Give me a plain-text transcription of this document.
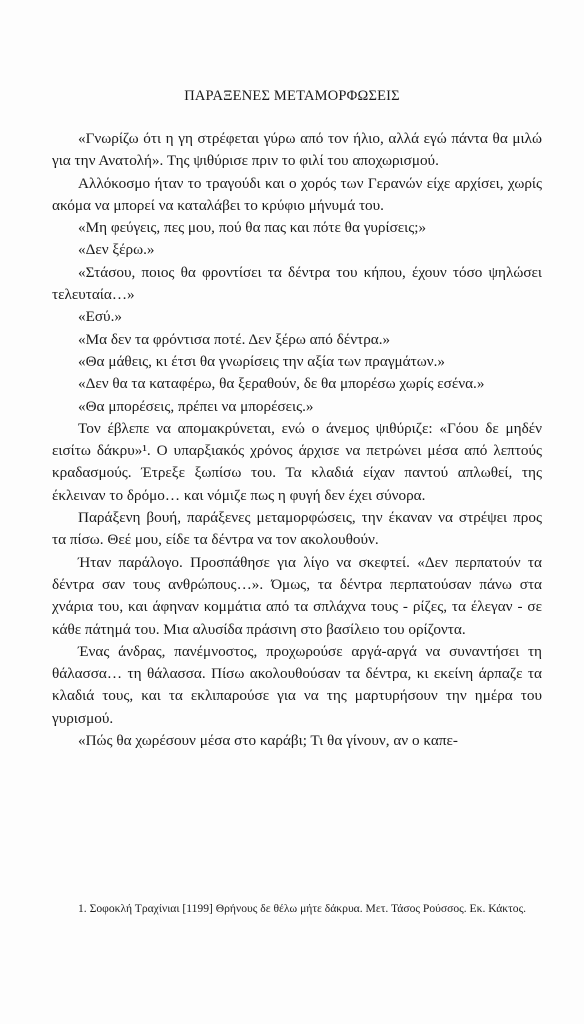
ΠΑΡΑΞΕΝΕΣ ΜΕΤΑΜΟΡΦΩΣΕΙΣ

«Γνωρίζω ότι η γη στρέφεται γύρω από τον ήλιο, αλλά εγώ πάντα θα μιλώ για την Ανατολή». Της ψιθύρισε πριν το φιλί του αποχωρισμού.

Αλλόκοσμο ήταν το τραγούδι και ο χορός των Γερανών είχε αρχίσει, χωρίς ακόμα να μπορεί να καταλάβει το κρύφιο μήνυμά του.

«Μη φεύγεις, πες μου, πού θα πας και πότε θα γυρίσεις;»

«Δεν ξέρω.»

«Στάσου, ποιος θα φροντίσει τα δέντρα του κήπου, έχουν τόσο ψηλώσει τελευταία…»

«Εσύ.»

«Μα δεν τα φρόντισα ποτέ. Δεν ξέρω από δέντρα.»

«Θα μάθεις, κι έτσι θα γνωρίσεις την αξία των πραγμάτων.»

«Δεν θα τα καταφέρω, θα ξεραθούν, δε θα μπορέσω χωρίς εσένα.»

«Θα μπορέσεις, πρέπει να μπορέσεις.»

Τον έβλεπε να απομακρύνεται, ενώ ο άνεμος ψιθύριζε: «Γόου δε μηδέν εισίτω δάκρυ»¹. Ο υπαρξιακός χρόνος άρχισε να πετρώνει μέσα από λεπτούς κραδασμούς. Έτρεξε ξωπίσω του. Τα κλαδιά είχαν παντού απλωθεί, της έκλειναν το δρόμο… και νόμιζε πως η φυγή δεν έχει σύνορα.

Παράξενη βουή, παράξενες μεταμορφώσεις, την έκαναν να στρέψει προς τα πίσω. Θεέ μου, είδε τα δέντρα να τον ακολουθούν.

Ήταν παράλογο. Προσπάθησε για λίγο να σκεφτεί. «Δεν περπατούν τα δέντρα σαν τους ανθρώπους…». Όμως, τα δέντρα περπατούσαν πάνω στα χνάρια του, και άφηναν κομμάτια από τα σπλάχνα τους - ρίζες, τα έλεγαν - σε κάθε πάτημά του. Μια αλυσίδα πράσινη στο βασίλειο του ορίζοντα.

Ένας άνδρας, πανέμνοστος, προχωρούσε αργά-αργά να συναντήσει τη θάλασσα… τη θάλασσα. Πίσω ακολουθούσαν τα δέντρα, κι εκείνη άρπαζε τα κλαδιά τους, και τα εκλιπαρούσε για να της μαρτυρήσουν την ημέρα του γυρισμού.

«Πώς θα χωρέσουν μέσα στο καράβι; Τι θα γίνουν, αν ο καπε-

1. Σοφοκλή Τραχίνιαι [1199] Θρήνους δε θέλω μήτε δάκρυα. Μετ. Τάσος Ρούσσος. Εκ. Κάκτος.
